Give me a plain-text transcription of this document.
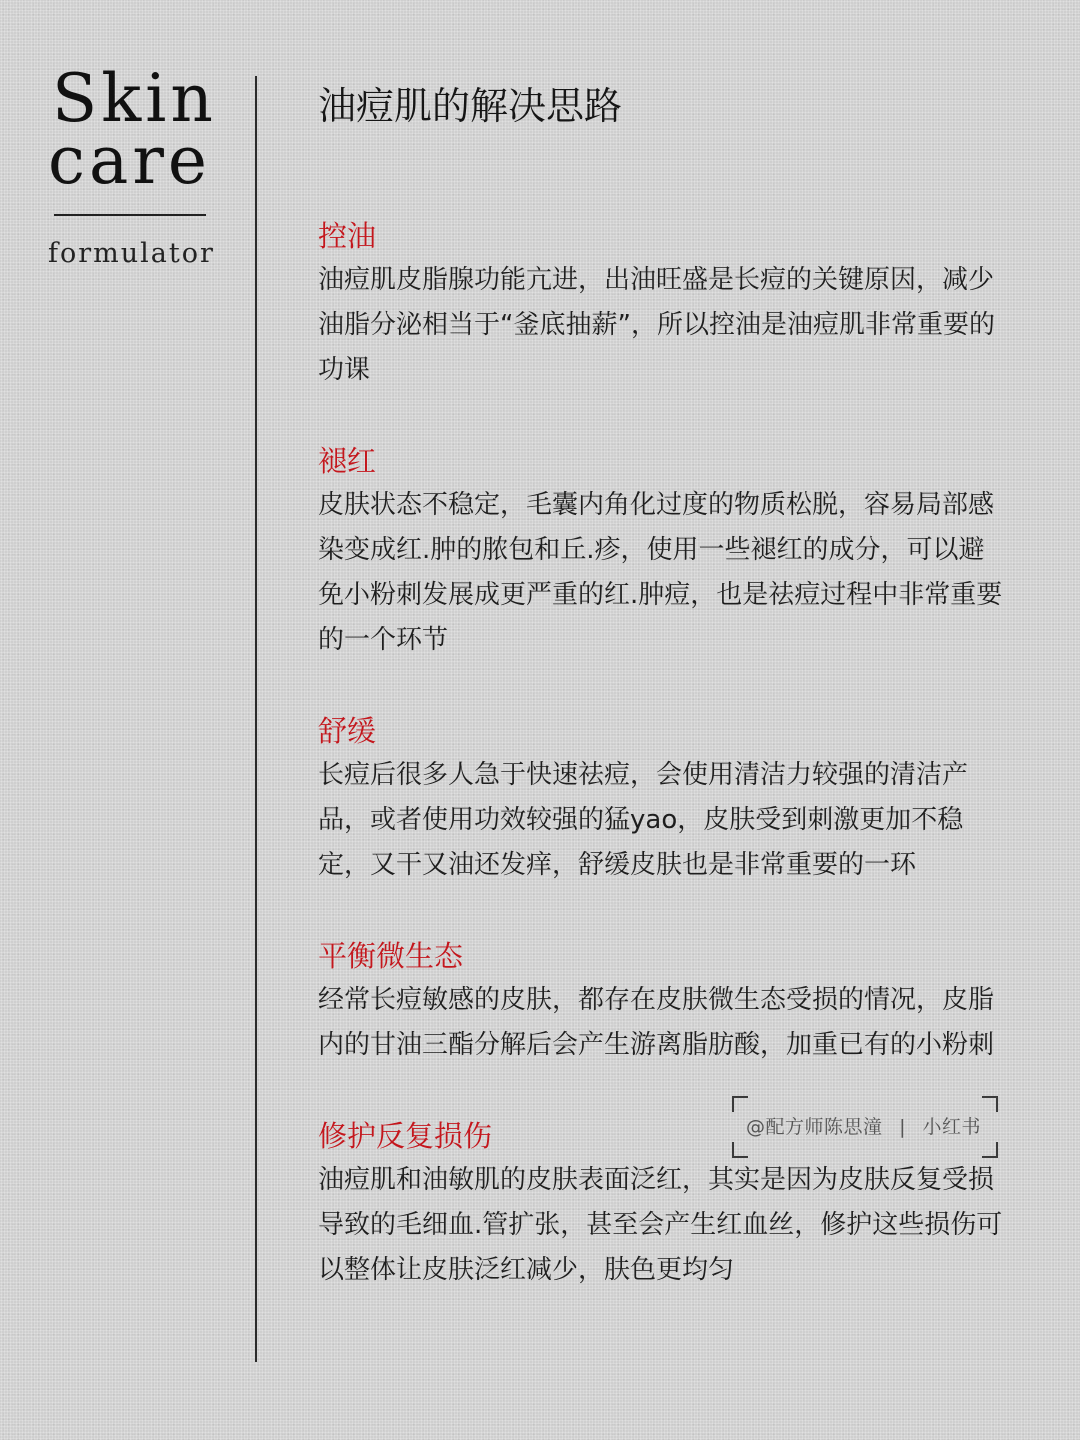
Skin
care
formulator
油痘肌的解决思路
控油

油痘肌皮脂腺功能亢进，出油旺盛是长痘的关键原因，减少油脂分泌相当于“釜底抽薪”，所以控油是油痘肌非常重要的功课

褪红

皮肤状态不稳定，毛囊内角化过度的物质松脱，容易局部感染变成红.肿的脓包和丘.疹，使用一些褪红的成分，可以避免小粉刺发展成更严重的红.肿痘，也是祛痘过程中非常重要的一个环节

舒缓

长痘后很多人急于快速祛痘，会使用清洁力较强的清洁产品，或者使用功效较强的猛yao，皮肤受到刺激更加不稳定，又干又油还发痒，舒缓皮肤也是非常重要的一环

平衡微生态

经常长痘敏感的皮肤，都存在皮肤微生态受损的情况，皮脂内的甘油三酯分解后会产生游离脂肪酸，加重已有的小粉刺

修护反复损伤

油痘肌和油敏肌的皮肤表面泛红，其实是因为皮肤反复受损导致的毛细血.管扩张，甚至会产生红血丝，修护这些损伤可以整体让皮肤泛红减少，肤色更均匀

@配方师陈思潼 | 小红书
